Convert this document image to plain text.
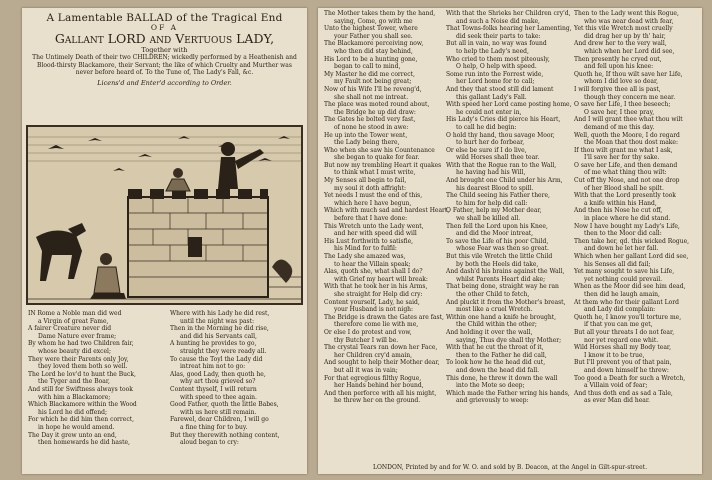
A Lamentable BALLAD of the Tragical End
OF A
Gallant LORD and Vertuous LADY,
Together with
The Untimely Death of their two CHILDREN; wickedly performed by a Heathenish and Blood-thirsty Blackamore, their Servant; the like of which Cruelty and Murther was never before heard of. To the Tune of, The Lady's Fall, &c.
Licens'd and Enter'd according to Order.
IN Rome a Noble man did wed
a Virgin of great Fame,
A fairer Creature never did
Dame Nature ever frame;
By whom he had two Children fair,
whose beauty did excel;
They were their Parents only Joy,
they loved them both so well.
The Lord he lov'd to hunt the Buck,
the Tyger and the Boar,
And still for Swiftness always took
with him a Blackamore;
Which Blackamore within the Wood
his Lord he did offend;
For which he did him then correct,
in hope he would amend.
The Day it grew unto an end,
then homewards he did haste,
Where with his Lady he did rest,
until the night was past:
Then in the Morning he did rise,
and did his Servants call,
A hunting he provides to go,
straight they were ready all.
To cause the Toyl the Lady did
intreat him not to go:
Alas, good Lady, then quoth he,
why art thou grieved so?
Content thyself, I will return
with speed to thee again.
Good Father, quoth the little Babes,
with us here still remain.
Farewel, dear Children, I will go
a fine thing for to buy.
But they therewith nothing content,
aloud began to cry:
The Mother takes them by the hand,
saying, Come, go with me
Unto the highest Tower, where
your Father you shall see.
The Blackamore perceiving now,
who then did stay behind,
His Lord to be a hunting gone,
began to call to mind,
My Master he did me correct,
my Fault not being great;
Now of his Wife I'll be reveng'd,
she shall not me intreat.
The place was moted round about,
the Bridge he up did draw:
The Gates he bolted very fast,
of none he stood in awe:
He up into the Tower went,
the Lady being there,
Who when she saw his Countenance
she began to quake for fear.
But now my trembling Heart it quakes
to think what I must write,
My Senses all begin to fail,
my soul it doth affright:
Yet needs I must the end of this,
which here I have begun,
Which with much sad and hardest Heart,
before that I have done:
This Wretch unto the Lady went,
and her with speed did will
His Lust forthwith to satisfie,
his Mind for to fulfil:
The Lady she amazed was,
to hear the Villain speak;
Alas, quoth she, what shall I do?
with Grief my heart will break:
With that he took her in his Arms,
she straight for Help did cry:
Content yourself, Lady, he said,
your Husband is not nigh:
The Bridge is drawn the Gates are fast,
therefore come lie with me,
Or else I do protest and vow,
thy Butcher I will be.
The crystal Tears ran down her Face,
her Children cry'd amain,
And sought to help their Mother dear,
but all it was in vain;
For that egregious filthy Rogue,
her Hands behind her bound,
And then perforce with all his might,
he threw her on the ground.
With that the Shrieks her Children cry'd,
and such a Noise did make,
That Towns-folks hearing her Lamenting,
did seek their parts to take:
But all in vain, no way was found
to help the Lady's need,
Who cried to them most piteously,
O help, O help with speed.
Some run into the Forrest wide,
her Lord home for to call;
And they that stood still did lament
this gallant Lady's Fall.
With speed her Lord came posting home,
he could not enter in,
His Lady's Cries did pierce his Heart,
to call he did begin:
O hold thy hand, thou savage Moor,
to hurt her do forbear,
Or else be sure if I do live,
wild Horses shall thee tear.
With that the Rogue ran to the Wall,
he having had his Will,
And brought one Child under his Arm,
his dearest Blood to spill.
The Child seeing his Father there,
to him for help did call:
O Father, help my Mother dear,
we shall be killed all.
Then fell the Lord upon his Knee,
and did the Moor intreat,
To save the Life of his poor Child,
whose Fear was then so great.
But this vile Wretch the little Child
by both the Heels did take,
And dash'd his brains against the Wall,
whilst Parents Heart did ake;
That being done, straight way he ran
the other Child to fetch,
And pluckt it from the Mother's breast,
most like a cruel Wretch.
Within one hand a knife he brought,
the Child within the other;
And holding it over the wall,
saying, Thus dye shall thy Mother;
With that he cut the throat of it,
then to the Father he did call,
To look how he the head did cut,
and down the head did fall.
This done, he threw it down the wall
into the Mote so deep;
Which made the Father wring his hands,
and grievously to weep:
Then to the Lady went this Rogue,
who was near dead with fear,
Yet this vile Wretch most cruelly
did drag her up by th' hair,
And drew her to the very wall,
which when her Lord did see,
Then presently he cryed out,
and fell upon his knee:
Quoth he, If thou wilt save her Life,
whom I did love so dear,
I will forgive thee all is past,
though they concern me near.
O save her Life, I thee beseech;
O save her, I thee pray,
And I will grant thee what thou wilt
demand of me this day.
Well, quoth the Moore, I do regard
the Moan that thou dost make:
If thou wilt grant me what I ask,
I'll save her for thy sake.
O save her Life, and then demand
of me what thing thou wilt:
Cut off thy Nose, and not one drop
of her Blood shall be spilt.
With that the Lord presently took
a knife within his Hand,
And then his Nose he cut off,
in place where he did stand.
Now I have bought my Lady's Life,
then to the Moor did call:
Then take her, qd. this wicked Rogue,
and down he let her fall.
Which when her gallant Lord did see,
his Senses all did fail;
Yet many sought to save his Life,
yet nothing could prevail.
When as the Moor did see him dead,
then did he laugh amain,
At them who for their gallant Lord
and Lady did complain:
Quoth he, I know you'll torture me,
if that you can me get,
But all your threats I do not fear,
nor yet regard one whit.
Wild Horses shall my Body tear,
I know it to be true,
But I'll prevent you of that pain,
and down himself he threw:
Too good a Death for such a Wretch,
a Villain void of fear;
And thus doth end as sad a Tale,
as ever Man did hear.
LONDON, Printed by and for W. O. and sold by B. Deacon, at the Angel in Gilt-spur-street.
